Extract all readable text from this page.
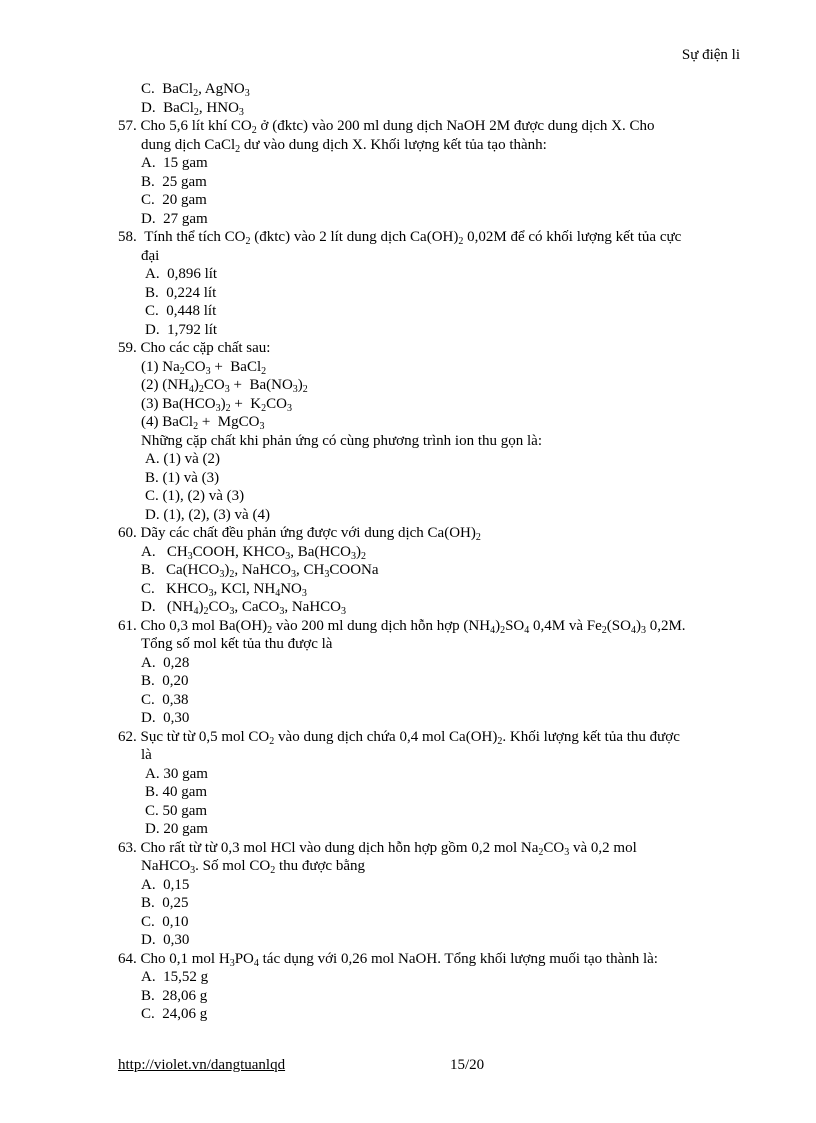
Sự điện li
C.  BaCl$_2$, AgNO$_3$
D.  BaCl$_2$, $HNO_3$
57. Cho 5,6 lít khí $CO_2$ ở (đktc) vào 200 ml dung dịch NaOH 2M được dung dịch X. Cho
dung dịch CaCl$_2$ dư vào dung dịch X. Khối lượng kết tủa tạo thành:
A.  15 gam
B.  25 gam
C.  20 gam
D.  27 gam
58.  Tính thể tích $CO_2$ (đktc) vào 2 lít dung dịch $Ca(OH)_2$ 0,02M để có khối lượng kết tủa cực
đại
A.  0,896 lít
B.  0,224 lít
C.  0,448 lít
D.  1,792 lít
59. Cho các cặp chất sau:
(1) $Na_2CO_3$ +  BaCl$_2$
(2) $(NH_4)_2CO_3 + Ba(NO_3)_2$
(3) $Ba(HCO_3)_2 + K_2CO_3$
(4) BaCl$_2$ +  MgCO$_3$
Những cặp chất khi phản ứng có cùng phương trình ion thu gọn là:
A. (1) và (2)
B. (1) và (3)
C. (1), (2) và (3)
D. (1), (2), (3) và (4)
60. Dãy các chất đều phản ứng được với dung dịch $Ca(OH)_2$
A.   $CH_3COOH$, $KHCO_3$, $Ba(HCO_3)_2$
B.   $Ca(HCO_3)_2$, NaHCO$_3$, $CH_3COONa$
C.   $KHCO_3$, KCl, $NH_4NO_3$
D.   $(NH_4)_2CO_3$, CaCO$_3$, NaHCO$_3$
61. Cho 0,3 mol $Ba(OH)_2$ vào 200 ml dung dịch hỗn hợp $(NH_4)_2SO_4$ 0,4M và $Fe_2(SO_4)_3$ 0,2M.
Tổng số mol kết tủa thu được là
A.  0,28
B.  0,20
C.  0,38
D.  0,30
62. Sục từ từ 0,5 mol $CO_2$ vào dung dịch chứa 0,4 mol $Ca(OH)_2$. Khối lượng kết tủa thu được
là
A. 30 gam
B. 40 gam
C. 50 gam
D. 20 gam
63. Cho rất từ từ 0,3 mol HCl vào dung dịch hỗn hợp gồm 0,2 mol $Na_2CO_3$ và 0,2 mol
NaHCO$_3$. Số mol $CO_2$ thu được bằng
A.  0,15
B.  0,25
C.  0,10
D.  0,30
64. Cho 0,1 mol $H_3PO_4$ tác dụng với 0,26 mol NaOH. Tổng khối lượng muối tạo thành là:
A.  15,52 g
B.  28,06 g
C.  24,06 g
http://violet.vn/dangtuanlqd	15/20
